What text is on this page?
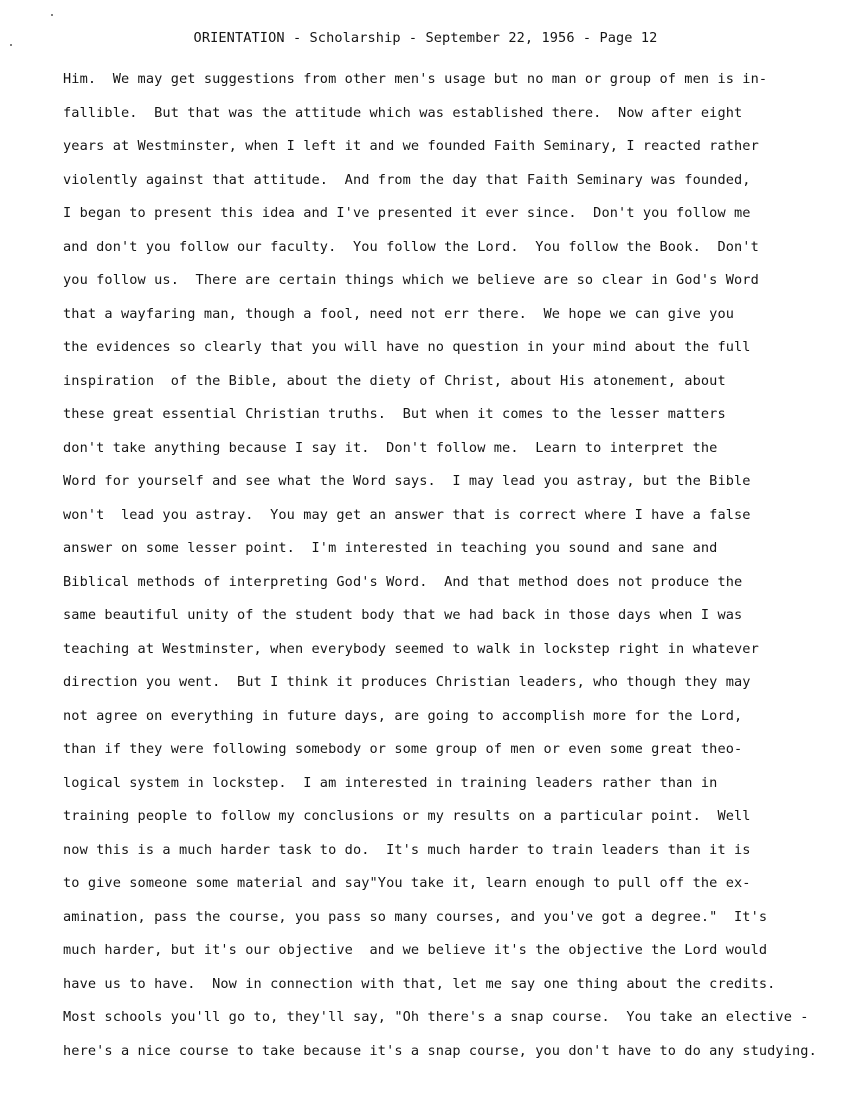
ORIENTATION - Scholarship - September 22, 1956 - Page 12
Him.  We may get suggestions from other men's usage but no man or group of men is in-
fallible.  But that was the attitude which was established there.  Now after eight
years at Westminster, when I left it and we founded Faith Seminary, I reacted rather
violently against that attitude.  And from the day that Faith Seminary was founded,
I began to present this idea and I've presented it ever since.  Don't you follow me
and don't you follow our faculty.  You follow the Lord.  You follow the Book.  Don't
you follow us.  There are certain things which we believe are so clear in God's Word
that a wayfaring man, though a fool, need not err there.  We hope we can give you
the evidences so clearly that you will have no question in your mind about the full
inspiration  of the Bible, about the diety of Christ, about His atonement, about
these great essential Christian truths.  But when it comes to the lesser matters
don't take anything because I say it.  Don't follow me.  Learn to interpret the
Word for yourself and see what the Word says.  I may lead you astray, but the Bible
won't  lead you astray.  You may get an answer that is correct where I have a false
answer on some lesser point.  I'm interested in teaching you sound and sane and
Biblical methods of interpreting God's Word.  And that method does not produce the
same beautiful unity of the student body that we had back in those days when I was
teaching at Westminster, when everybody seemed to walk in lockstep right in whatever
direction you went.  But I think it produces Christian leaders, who though they may
not agree on everything in future days, are going to accomplish more for the Lord,
than if they were following somebody or some group of men or even some great theo-
logical system in lockstep.  I am interested in training leaders rather than in
training people to follow my conclusions or my results on a particular point.  Well
now this is a much harder task to do.  It's much harder to train leaders than it is
to give someone some material and say"You take it, learn enough to pull off the ex-
amination, pass the course, you pass so many courses, and you've got a degree."  It's
much harder, but it's our objective  and we believe it's the objective the Lord would
have us to have.  Now in connection with that, let me say one thing about the credits.
Most schools you'll go to, they'll say, "Oh there's a snap course.  You take an elective -
here's a nice course to take because it's a snap course, you don't have to do any studying.
